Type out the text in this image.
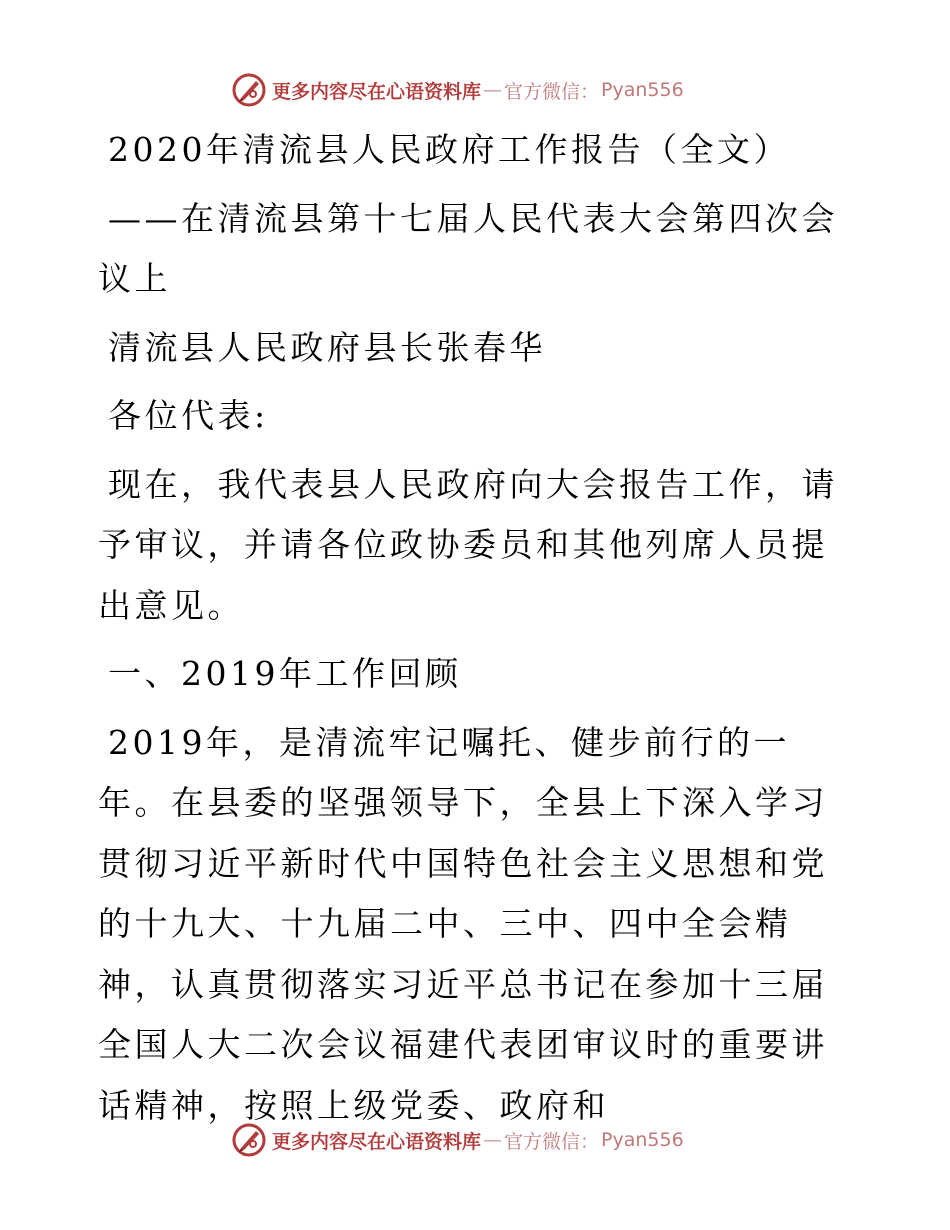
更多内容尽在心语资料库 — 官方微信： Pyan556

2020年清流县人民政府工作报告（全文）

——在清流县第十七届人民代表大会第四次会议上

清流县人民政府县长张春华

各位代表:

现在，我代表县人民政府向大会报告工作，请予审议，并请各位政协委员和其他列席人员提出意见。

一、2019年工作回顾

2019年，是清流牢记嘱托、健步前行的一年。在县委的坚强领导下，全县上下深入学习贯彻习近平新时代中国特色社会主义思想和党的十九大、十九届二中、三中、四中全会精神，认真贯彻落实习近平总书记在参加十三届全国人大二次会议福建代表团审议时的重要讲话精神，按照上级党委、政府和

更多内容尽在心语资料库 — 官方微信： Pyan556
